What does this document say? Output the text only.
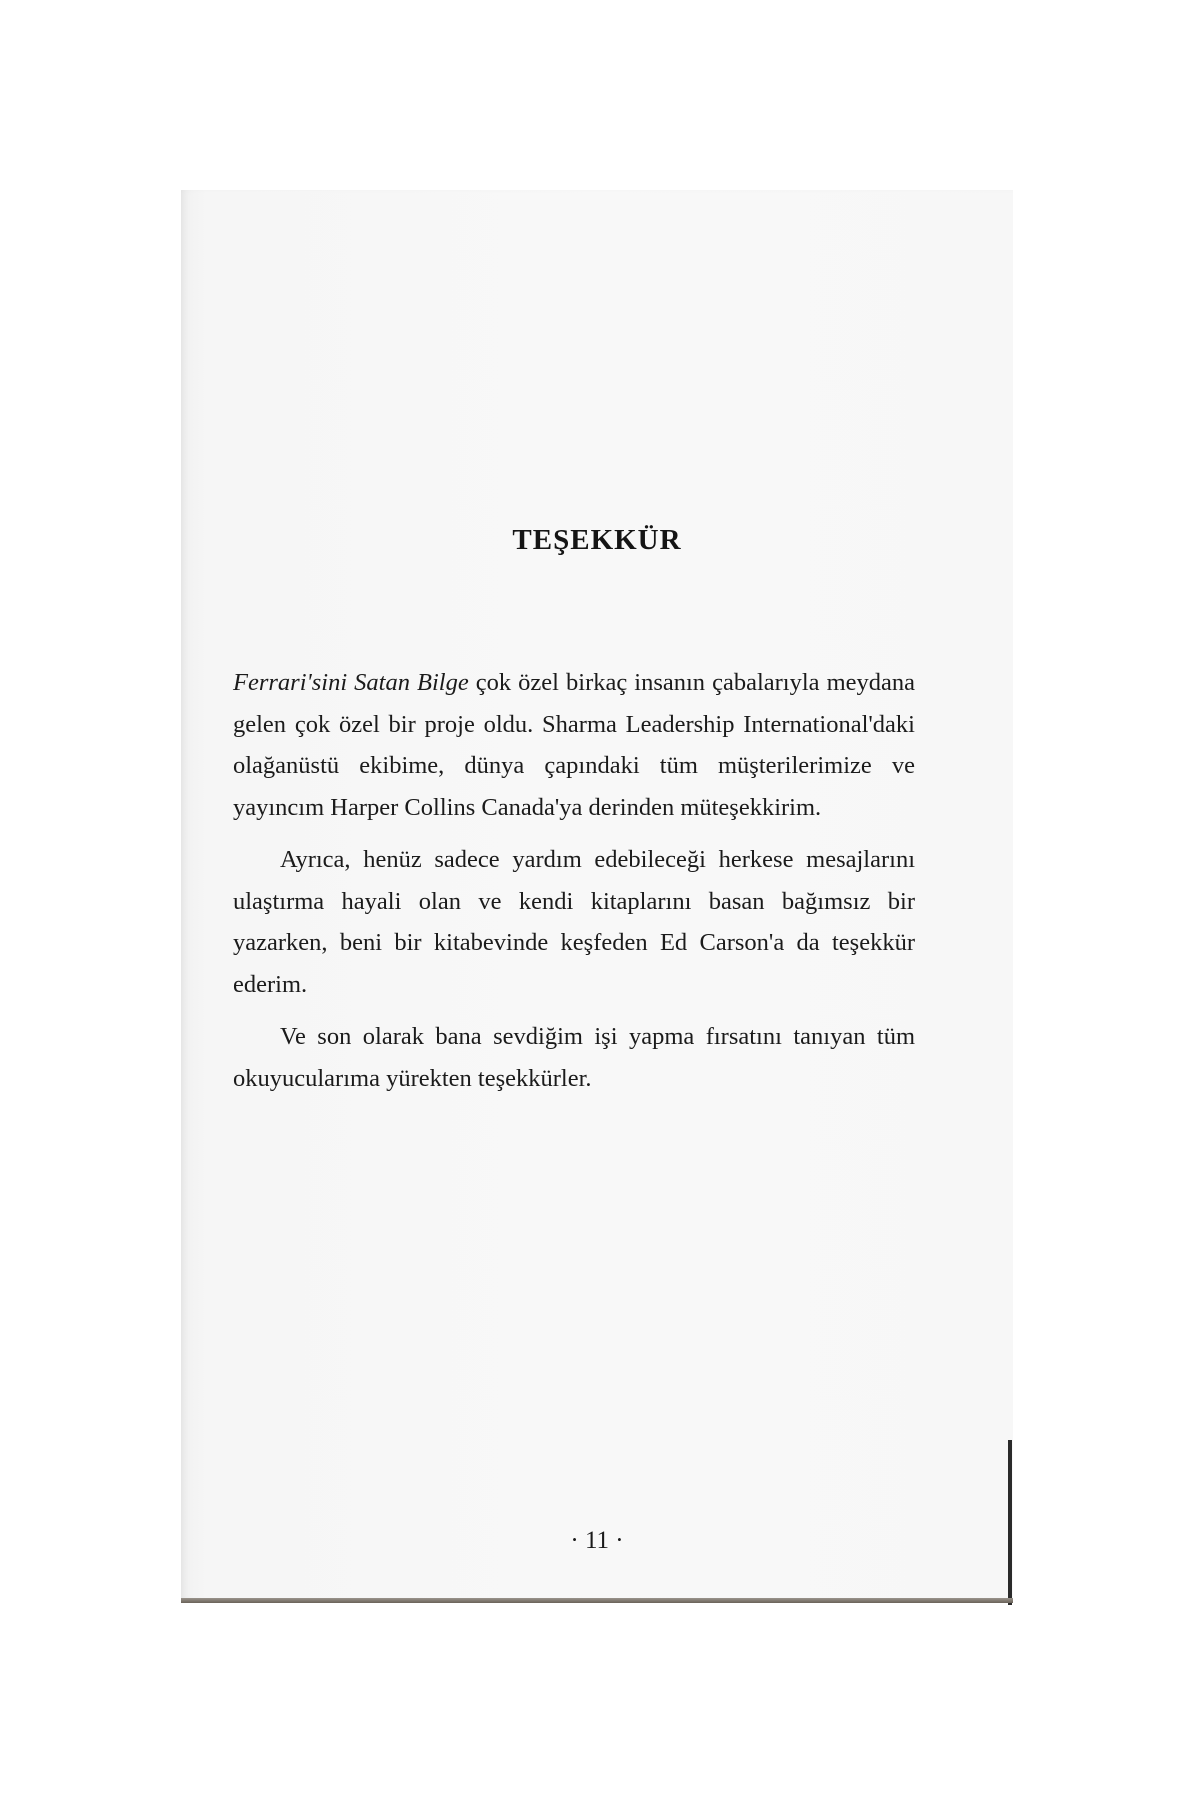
TEŞEKKÜR

Ferrari'sini Satan Bilge çok özel birkaç insanın çabalarıyla meydana gelen çok özel bir proje oldu. Sharma Leadership International'daki olağanüstü ekibime, dünya çapındaki tüm müşterilerimize ve yayıncım Harper Collins Canada'ya derinden müteşekkirim.

Ayrıca, henüz sadece yardım edebileceği herkese mesajlarını ulaştırma hayali olan ve kendi kitaplarını basan bağımsız bir yazarken, beni bir kitabevinde keşfeden Ed Carson'a da teşekkür ederim.

Ve son olarak bana sevdiğim işi yapma fırsatını tanıyan tüm okuyucularıma yürekten teşekkürler.

· 11 ·
